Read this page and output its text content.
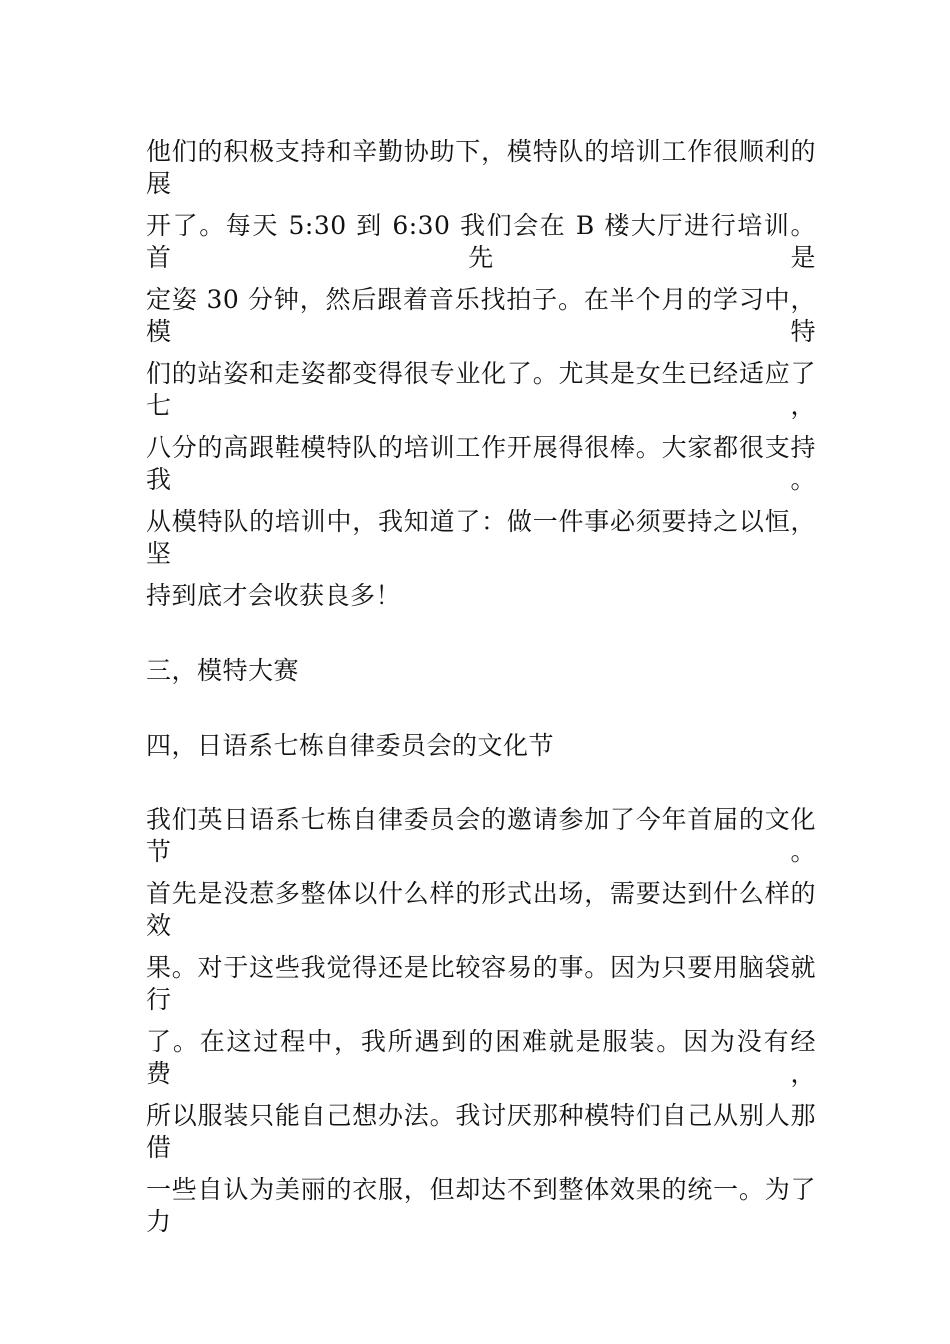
他们的积极支持和辛勤协助下，模特队的培训工作很顺利的展
开了。每天 5:30 到 6:30 我们会在 B 楼大厅进行培训。首先是
定姿 30 分钟，然后跟着音乐找拍子。在半个月的学习中，模特
们的站姿和走姿都变得很专业化了。尤其是女生已经适应了七，
八分的高跟鞋模特队的培训工作开展得很棒。大家都很支持我。
从模特队的培训中，我知道了：做一件事必须要持之以恒，坚
持到底才会收获良多！
三，模特大赛
四，日语系七栋自律委员会的文化节
我们英日语系七栋自律委员会的邀请参加了今年首届的文化节。
首先是没惹多整体以什么样的形式出场，需要达到什么样的效
果。对于这些我觉得还是比较容易的事。因为只要用脑袋就行
了。在这过程中，我所遇到的困难就是服装。因为没有经费，
所以服装只能自己想办法。我讨厌那种模特们自己从别人那借
一些自认为美丽的衣服，但却达不到整体效果的统一。为了力
